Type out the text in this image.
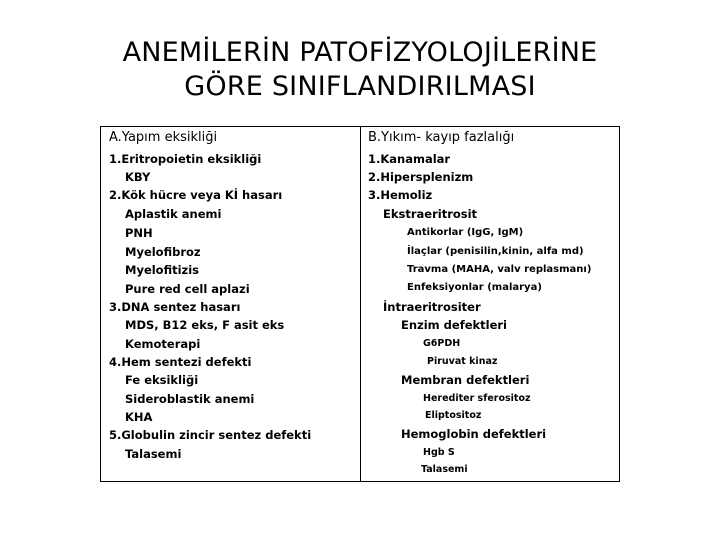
ANEMİLERİN PATOFİZYOLOJİLERİNE
GÖRE SINIFLANDIRILMASI
A.Yapım eksikliği
1.Eritropoietin eksikliği
KBY
2.Kök hücre veya Kİ hasarı
Aplastik anemi
PNH
Myelofibroz
Myelofitizis
Pure red cell aplazi
3.DNA sentez hasarı
MDS, B12 eks, F asit eks
Kemoterapi
4.Hem sentezi defekti
Fe eksikliği
Sideroblastik anemi
KHA
5.Globulin zincir sentez defekti
Talasemi
B.Yıkım- kayıp fazlalığı
1.Kanamalar
2.Hipersplenizm
3.Hemoliz
Ekstraeritrosit
Antikorlar (IgG, IgM)
İlaçlar (penisilin,kinin, alfa md)
Travma (MAHA, valv replasmanı)
Enfeksiyonlar (malarya)
İntraeritrositer
Enzim defektleri
G6PDH
Piruvat kinaz
Membran defektleri
Herediter sferositoz
Eliptositoz
Hemoglobin defektleri
Hgb S
Talasemi
